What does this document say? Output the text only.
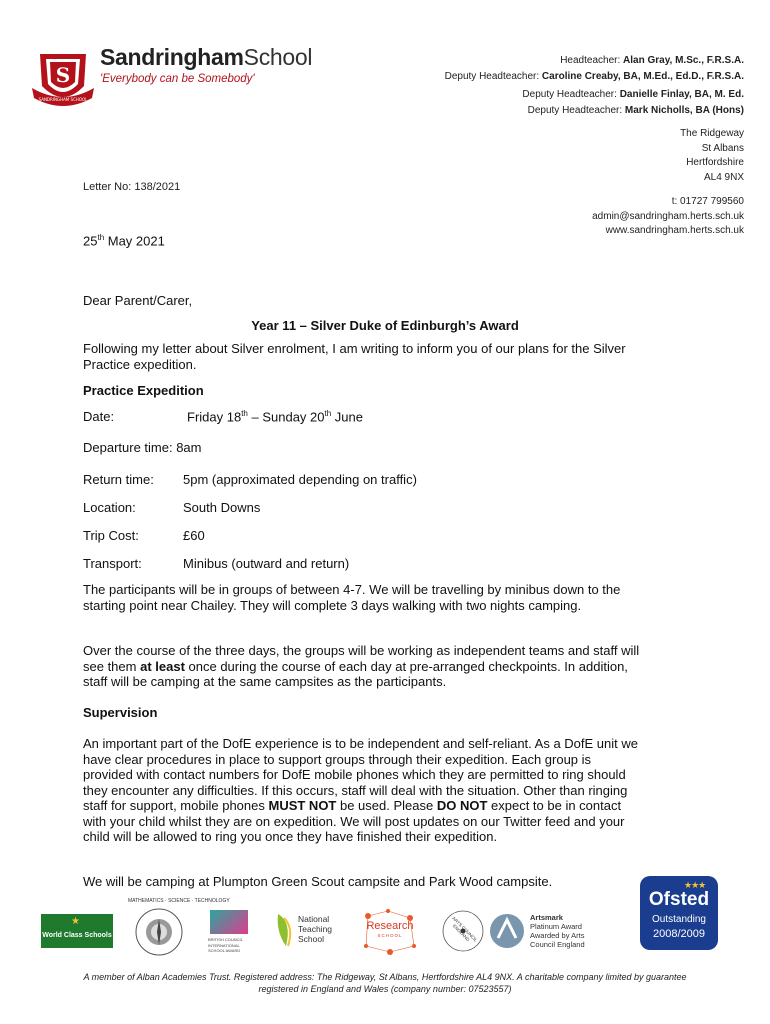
S
SANDRINGHAM SCHOOL
SandringhamSchool
'Everybody can be Somebody'
Headteacher: Alan Gray, M.Sc., F.R.S.A.
Deputy Headteacher: Caroline Creaby, BA, M.Ed., Ed.D., F.R.S.A.
Deputy Headteacher: Danielle Finlay, BA, M. Ed.
Deputy Headteacher: Mark Nicholls, BA (Hons)
The Ridgeway
St Albans
Hertfordshire
AL4 9NX
t: 01727 799560
admin@sandringham.herts.sch.uk
www.sandringham.herts.sch.uk
Letter No: 138/2021
25th May 2021
Dear Parent/Carer,
Year 11 – Silver Duke of Edinburgh’s Award
Following my letter about Silver enrolment, I am writing to inform you of our plans for the Silver Practice expedition.
Practice Expedition
Date:	Friday 18th – Sunday 20th June
Departure time: 8am
Return time: 5pm (approximated depending on traffic)
Location:	South Downs
Trip Cost:	£60
Transport:	Minibus (outward and return)
The participants will be in groups of between 4-7. We will be travelling by minibus down to the starting point near Chailey. They will complete 3 days walking with two nights camping.
Over the course of the three days, the groups will be working as independent teams and staff will see them at least once during the course of each day at pre-arranged checkpoints. In addition, staff will be camping at the same campsites as the participants.
Supervision
An important part of the DofE experience is to be independent and self-reliant. As a DofE unit we have clear procedures in place to support groups through their expedition. Each group is provided with contact numbers for DofE mobile phones which they are permitted to ring should they encounter any difficulties. If this occurs, staff will deal with the situation. Other than ringing staff for support, mobile phones MUST NOT be used. Please DO NOT expect to be in contact with your child whilst they are on expedition. We will post updates on our Twitter feed and your child will be allowed to ring you once they have finished their expedition.
We will be camping at Plumpton Green Scout campsite and Park Wood campsite.
★
World Class Schools
MATHEMATICS · SCIENCE · TECHNOLOGY
BRITISH COUNCIL
INTERNATIONAL SCHOOL AWARD
National
Teaching
School
Research
SCHOOL	ARTS COUNCIL ENGLAND
Artsmark
Platinum Award
Awarded by Arts
Council England
★★★
Ofsted
Outstanding
2008/2009
A member of Alban Academies Trust. Registered address: The Ridgeway, St Albans, Hertfordshire AL4 9NX. A charitable company limited by guarantee
registered in England and Wales (company number: 07523557)
